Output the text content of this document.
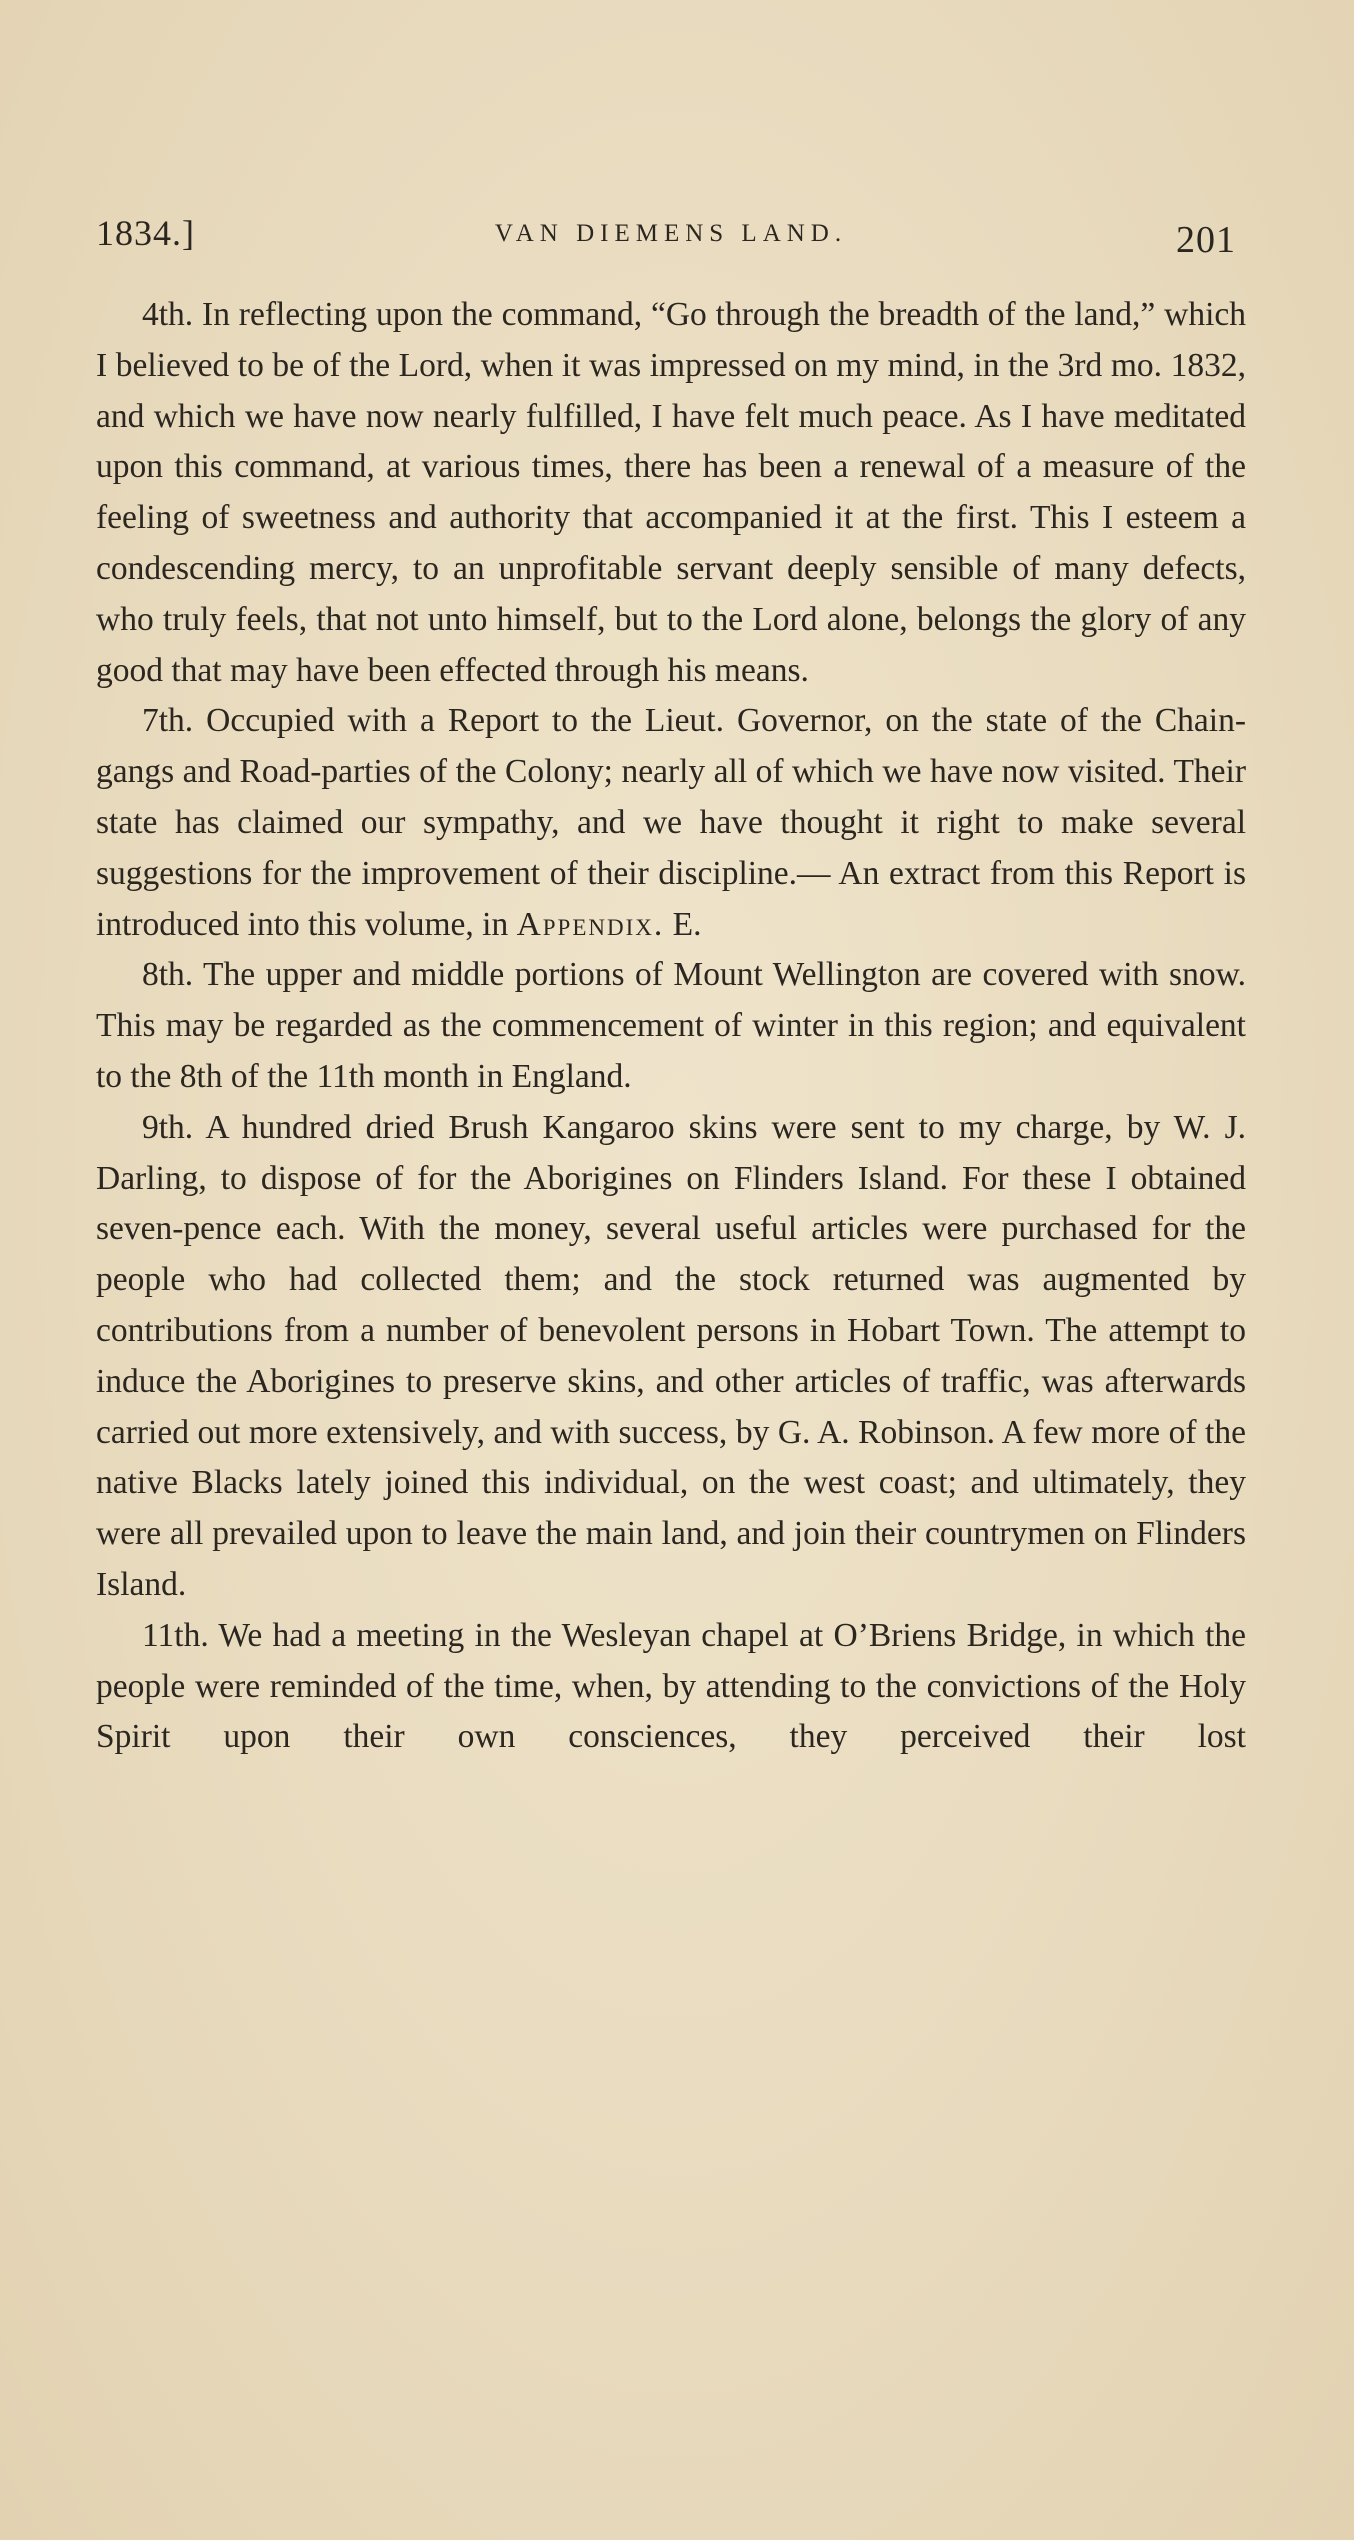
1834.]	VAN DIEMENS LAND.	201

4th. In reflecting upon the command, “Go through the breadth of the land,” which I believed to be of the Lord, when it was impressed on my mind, in the 3rd mo. 1832, and which we have now nearly fulfilled, I have felt much peace. As I have meditated upon this command, at various times, there has been a renewal of a measure of the feeling of sweetness and authority that accompanied it at the first. This I esteem a condescending mercy, to an unprofitable servant deeply sensible of many defects, who truly feels, that not unto himself, but to the Lord alone, belongs the glory of any good that may have been effected through his means.

7th. Occupied with a Report to the Lieut. Governor, on the state of the Chain-gangs and Road-parties of the Colony; nearly all of which we have now visited. Their state has claimed our sympathy, and we have thought it right to make several suggestions for the improvement of their discipline.— An extract from this Report is introduced into this volume, in Appendix. E.

8th. The upper and middle portions of Mount Wellington are covered with snow. This may be regarded as the commencement of winter in this region; and equivalent to the 8th of the 11th month in England.

9th. A hundred dried Brush Kangaroo skins were sent to my charge, by W. J. Darling, to dispose of for the Aborigines on Flinders Island. For these I obtained seven-pence each. With the money, several useful articles were purchased for the people who had collected them; and the stock returned was augmented by contributions from a number of benevolent persons in Hobart Town. The attempt to induce the Aborigines to preserve skins, and other articles of traffic, was afterwards carried out more extensively, and with success, by G. A. Robinson. A few more of the native Blacks lately joined this individual, on the west coast; and ultimately, they were all prevailed upon to leave the main land, and join their countrymen on Flinders Island.

11th. We had a meeting in the Wesleyan chapel at O’Briens Bridge, in which the people were reminded of the time, when, by attending to the convictions of the Holy Spirit upon their own consciences, they perceived their lost
